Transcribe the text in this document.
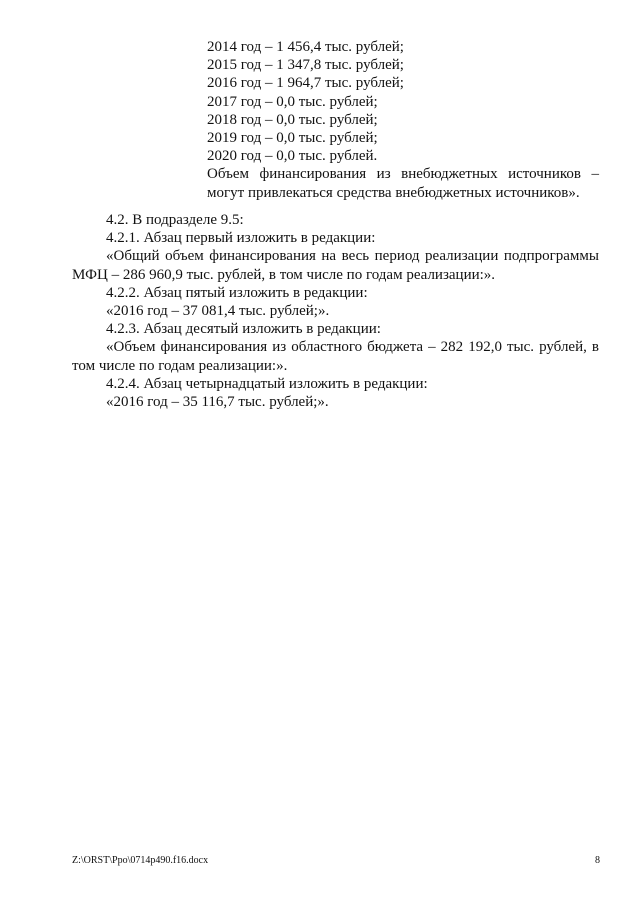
2014 год – 1 456,4 тыс. рублей;
2015 год – 1 347,8 тыс. рублей;
2016 год – 1 964,7 тыс. рублей;
2017 год – 0,0 тыс. рублей;
2018 год – 0,0 тыс. рублей;
2019 год – 0,0 тыс. рублей;
2020 год – 0,0 тыс. рублей.
Объем финансирования из внебюджетных источников – могут привлекаться средства внебюджетных источников».
4.2. В подразделе 9.5:
4.2.1. Абзац первый изложить в редакции:
«Общий объем финансирования на весь период реализации подпрограммы МФЦ – 286 960,9 тыс. рублей, в том числе по годам реализации:».
4.2.2. Абзац пятый изложить в редакции:
«2016 год – 37 081,4 тыс. рублей;».
4.2.3. Абзац десятый изложить в редакции:
«Объем финансирования из областного бюджета – 282 192,0 тыс. рублей, в том числе по годам реализации:».
4.2.4. Абзац четырнадцатый изложить в редакции:
«2016 год – 35 116,7 тыс. рублей;».
Z:\ORST\Ppo\0714p490.f16.docx	8
